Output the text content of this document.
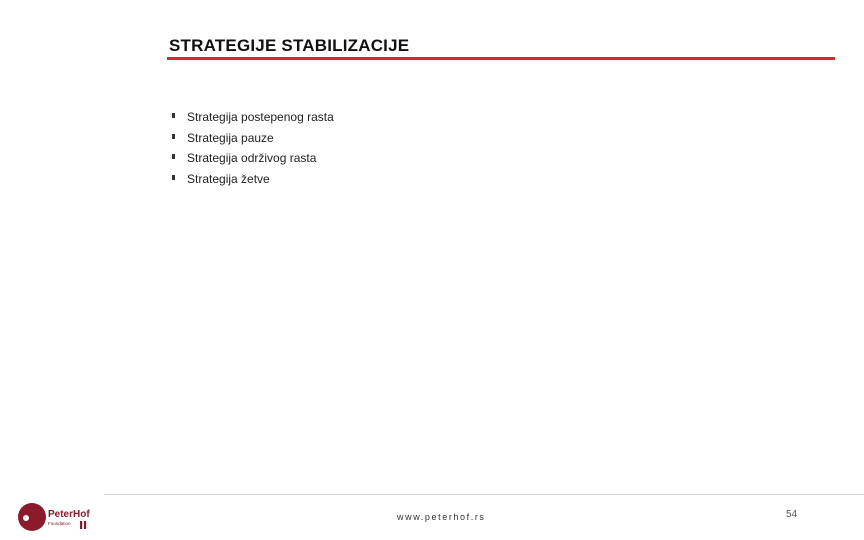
STRATEGIJE STABILIZACIJE
Strategija postepenog rasta
Strategija pauze
Strategija održivog rasta
Strategija žetve
PeterHof
Foundation
www.peterhof.rs	54
